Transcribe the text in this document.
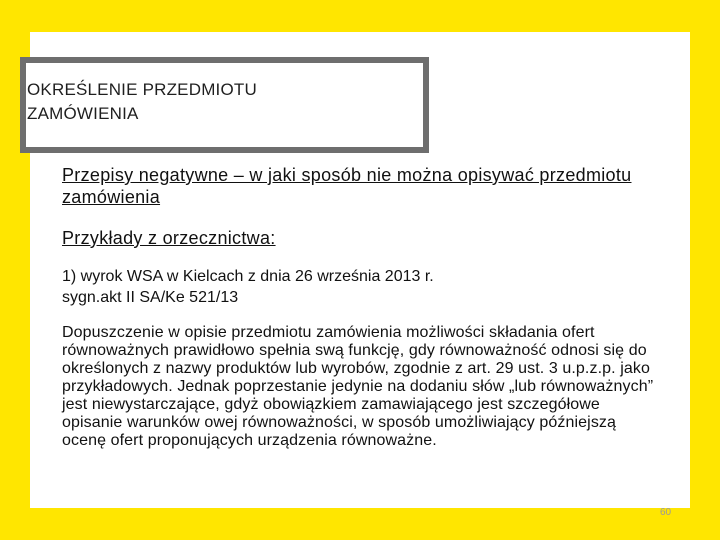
OKREŚLENIE PRZEDMIOTU
ZAMÓWIENIA
Przepisy negatywne – w jaki sposób nie można opisywać przedmiotu zamówienia
Przykłady z orzecznictwa:
1) wyrok WSA w Kielcach z dnia 26 września 2013 r.
sygn.akt II SA/Ke 521/13
Dopuszczenie w opisie przedmiotu zamówienia możliwości składania ofert równoważnych prawidłowo spełnia swą funkcję, gdy równoważność odnosi się do określonych z nazwy produktów lub wyrobów, zgodnie z art. 29 ust. 3 u.p.z.p. jako przykładowych. Jednak poprzestanie jedynie na dodaniu słów „lub równoważnych” jest niewystarczające, gdyż obowiązkiem zamawiającego jest szczegółowe opisanie warunków owej równoważności, w sposób umożliwiający późniejszą ocenę ofert proponujących urządzenia równoważne.
60
